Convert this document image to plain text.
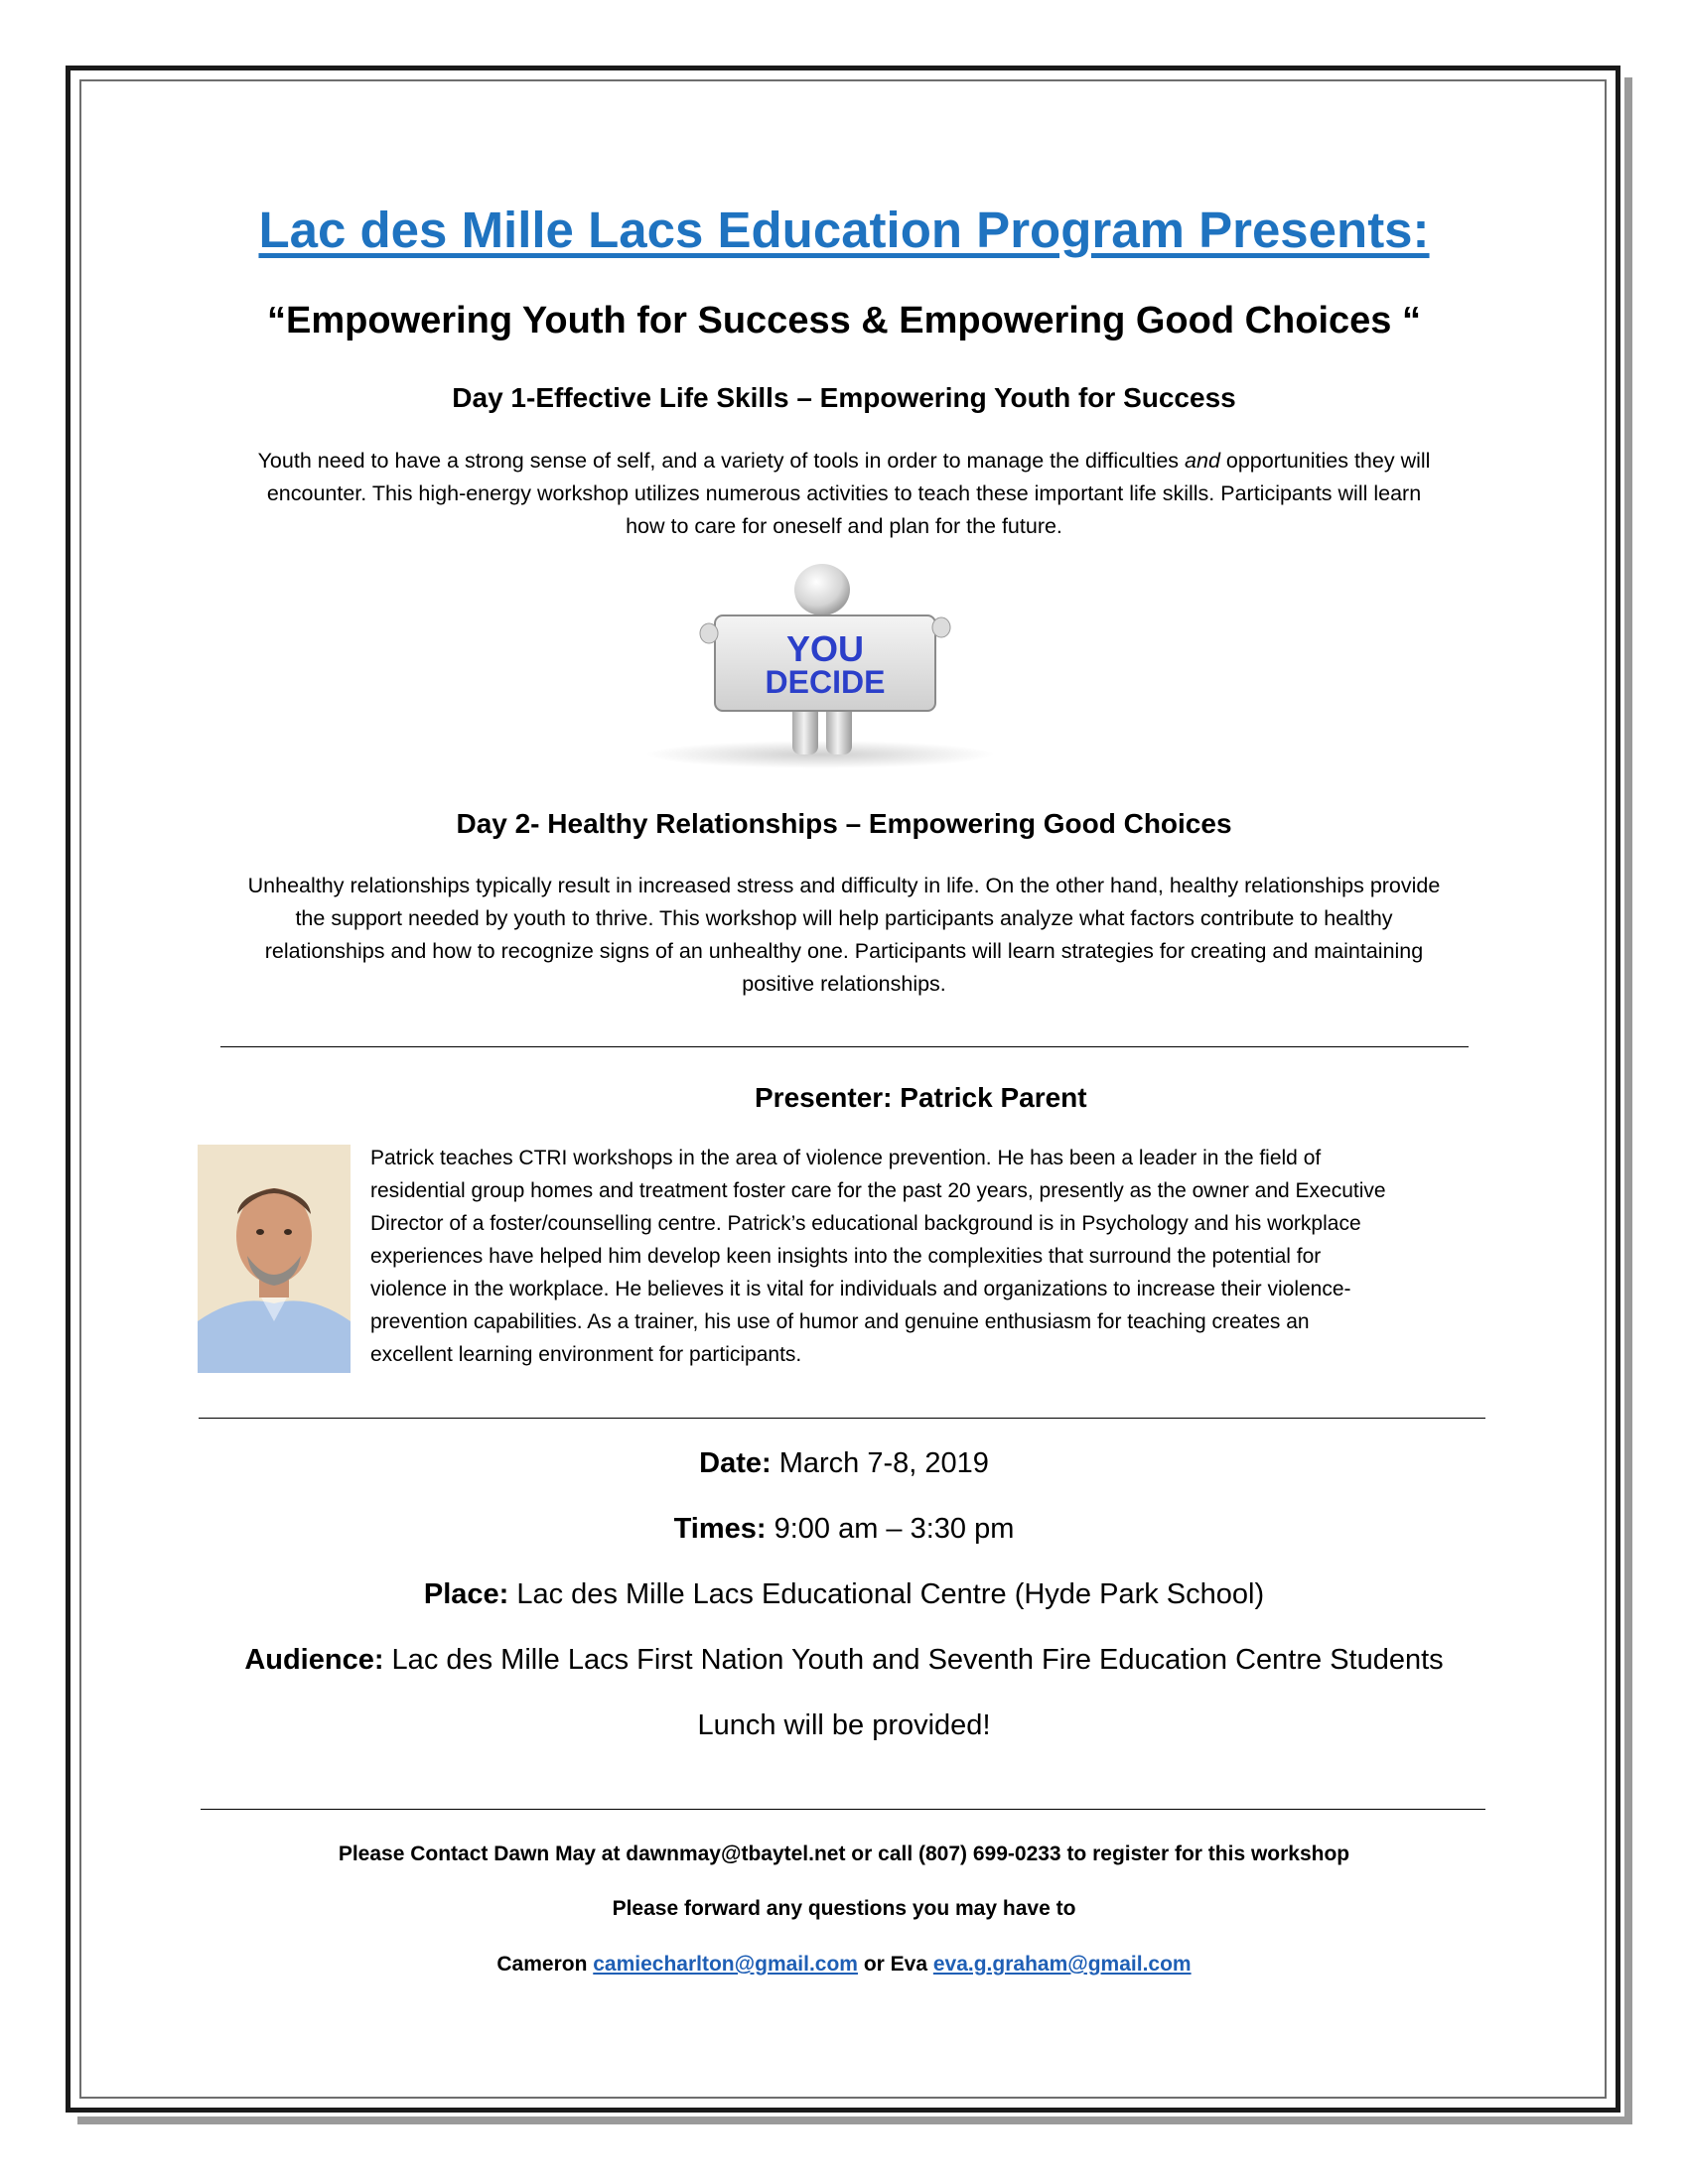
Lac des Mille Lacs Education Program Presents:
“Empowering Youth for Success & Empowering Good Choices “
Day 1-Effective Life Skills – Empowering Youth for Success
Youth need to have a strong sense of self, and a variety of tools in order to manage the difficulties and opportunities they will
encounter. This high-energy workshop utilizes numerous activities to teach these important life skills. Participants will learn
how to care for oneself and plan for the future.
YOU
DECIDE
Day 2- Healthy Relationships – Empowering Good Choices
Unhealthy relationships typically result in increased stress and difficulty in life. On the other hand, healthy relationships provide
the support needed by youth to thrive. This workshop will help participants analyze what factors contribute to healthy
relationships and how to recognize signs of an unhealthy one. Participants will learn strategies for creating and maintaining
positive relationships.
Presenter: Patrick Parent
Patrick teaches CTRI workshops in the area of violence prevention. He has been a leader in the field of
residential group homes and treatment foster care for the past 20 years, presently as the owner and Executive
Director of a foster/counselling centre. Patrick’s educational background is in Psychology and his workplace
experiences have helped him develop keen insights into the complexities that surround the potential for
violence in the workplace. He believes it is vital for individuals and organizations to increase their violence-
prevention capabilities. As a trainer, his use of humor and genuine enthusiasm for teaching creates an
excellent learning environment for participants.
Date: March 7-8, 2019
Times: 9:00 am – 3:30 pm
Place: Lac des Mille Lacs Educational Centre (Hyde Park School)
Audience: Lac des Mille Lacs First Nation Youth and Seventh Fire Education Centre Students
Lunch will be provided!
Please Contact Dawn May at dawnmay@tbaytel.net or call (807) 699-0233 to register for this workshop
Please forward any questions you may have to
Cameron camiecharlton@gmail.com or Eva eva.g.graham@gmail.com
